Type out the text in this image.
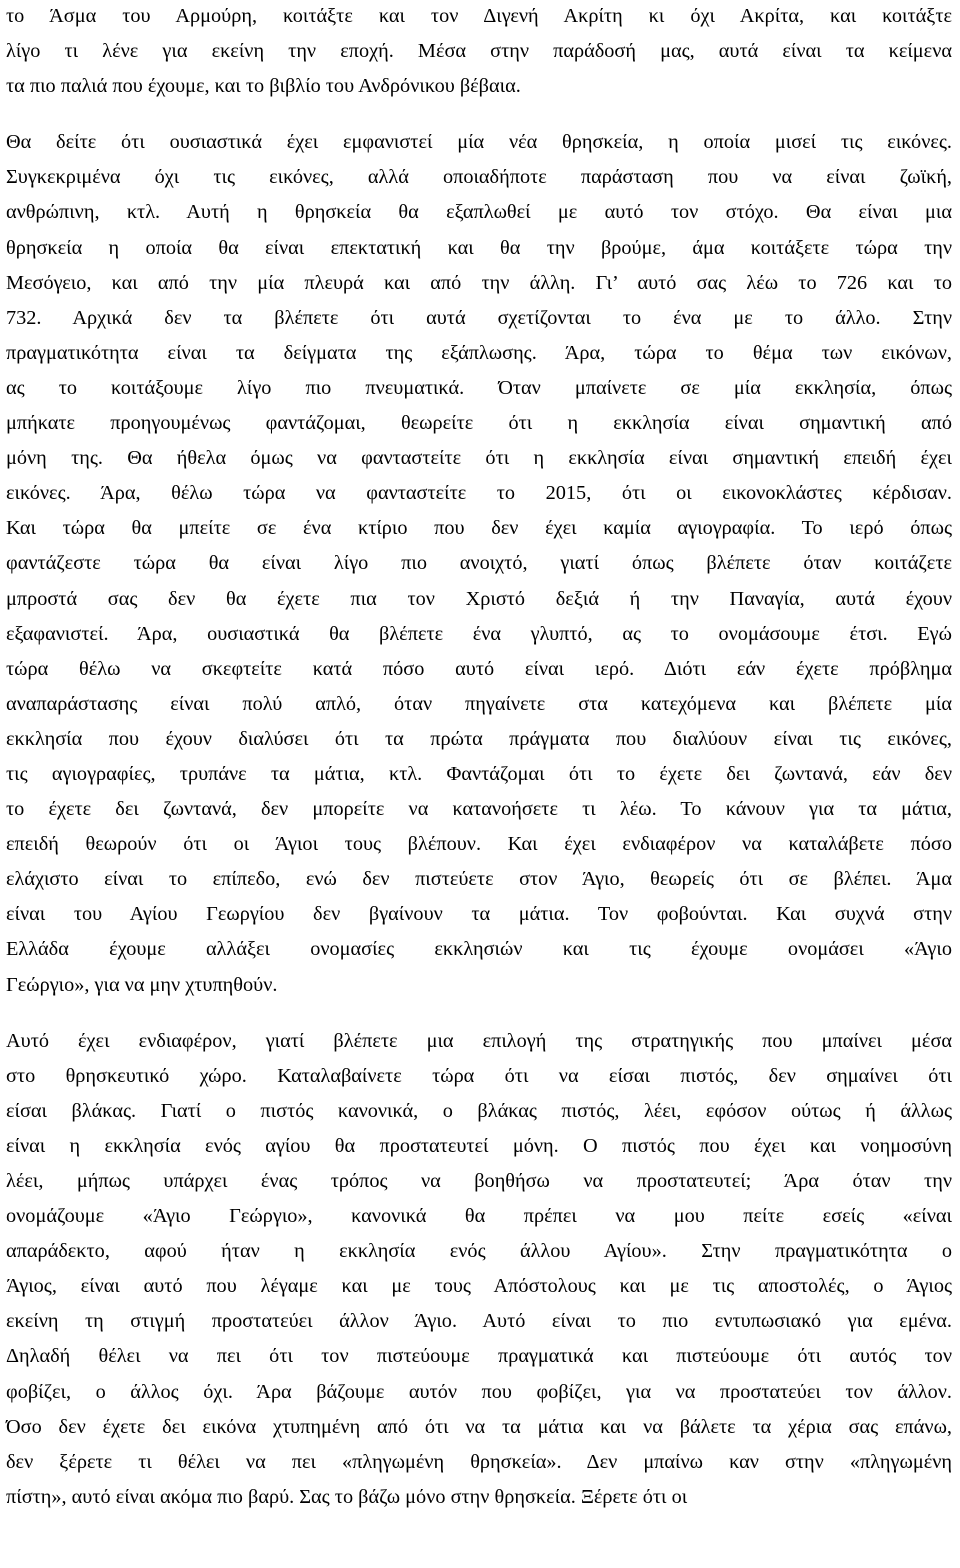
το Άσμα του Αρμούρη, κοιτάξτε και τον Διγενή Ακρίτη κι όχι Ακρίτα, και κοιτάξτε
λίγο τι λένε για εκείνη την εποχή. Μέσα στην παράδοσή μας, αυτά είναι τα κείμενα
τα πιο παλιά που έχουμε, και το βιβλίο του Ανδρόνικου βέβαια.
Θα δείτε ότι ουσιαστικά έχει εμφανιστεί μία νέα θρησκεία, η οποία μισεί τις εικόνες.
Συγκεκριμένα όχι τις εικόνες, αλλά οποιαδήποτε παράσταση που να είναι ζωϊκή,
ανθρώπινη, κτλ. Αυτή η θρησκεία θα εξαπλωθεί με αυτό τον στόχο. Θα είναι μια
θρησκεία η οποία θα είναι επεκτατική και θα την βρούμε, άμα κοιτάξετε τώρα την
Μεσόγειο, και από την μία πλευρά και από την άλλη. Γι’ αυτό σας λέω το 726 και το
732. Αρχικά δεν τα βλέπετε ότι αυτά σχετίζονται το ένα με το άλλο. Στην
πραγματικότητα είναι τα δείγματα της εξάπλωσης. Άρα, τώρα το θέμα των εικόνων,
ας το κοιτάξουμε λίγο πιο πνευματικά. Όταν μπαίνετε σε μία εκκλησία, όπως
μπήκατε προηγουμένως φαντάζομαι, θεωρείτε ότι η εκκλησία είναι σημαντική από
μόνη της. Θα ήθελα όμως να φανταστείτε ότι η εκκλησία είναι σημαντική επειδή έχει
εικόνες. Άρα, θέλω τώρα να φανταστείτε το 2015, ότι οι εικονοκλάστες κέρδισαν.
Και τώρα θα μπείτε σε ένα κτίριο που δεν έχει καμία αγιογραφία. Το ιερό όπως
φαντάζεστε τώρα θα είναι λίγο πιο ανοιχτό, γιατί όπως βλέπετε όταν κοιτάζετε
μπροστά σας δεν θα έχετε πια τον Χριστό δεξιά ή την Παναγία, αυτά έχουν
εξαφανιστεί. Άρα, ουσιαστικά θα βλέπετε ένα γλυπτό, ας το ονομάσουμε έτσι. Εγώ
τώρα θέλω να σκεφτείτε κατά πόσο αυτό είναι ιερό. Διότι εάν έχετε πρόβλημα
αναπαράστασης είναι πολύ απλό, όταν πηγαίνετε στα κατεχόμενα και βλέπετε μία
εκκλησία που έχουν διαλύσει ότι τα πρώτα πράγματα που διαλύουν είναι τις εικόνες,
τις αγιογραφίες, τρυπάνε τα μάτια, κτλ. Φαντάζομαι ότι το έχετε δει ζωντανά, εάν δεν
το έχετε δει ζωντανά, δεν μπορείτε να κατανοήσετε τι λέω. Το κάνουν για τα μάτια,
επειδή θεωρούν ότι οι Άγιοι τους βλέπουν. Και έχει ενδιαφέρον να καταλάβετε πόσο
ελάχιστο είναι το επίπεδο, ενώ δεν πιστεύετε στον Άγιο, θεωρείς ότι σε βλέπει. Άμα
είναι του Αγίου Γεωργίου δεν βγαίνουν τα μάτια. Τον φοβούνται. Και συχνά στην
Ελλάδα έχουμε αλλάξει ονομασίες εκκλησιών και τις έχουμε ονομάσει «Άγιο
Γεώργιο», για να μην χτυπηθούν.
Αυτό έχει ενδιαφέρον, γιατί βλέπετε μια επιλογή της στρατηγικής που μπαίνει μέσα
στο θρησκευτικό χώρο. Καταλαβαίνετε τώρα ότι να είσαι πιστός, δεν σημαίνει ότι
είσαι βλάκας. Γιατί ο πιστός κανονικά, ο βλάκας πιστός, λέει, εφόσον ούτως ή άλλως
είναι η εκκλησία ενός αγίου θα προστατευτεί μόνη. Ο πιστός που έχει και νοημοσύνη
λέει, μήπως υπάρχει ένας τρόπος να βοηθήσω να προστατευτεί; Άρα όταν την
ονομάζουμε «Άγιο Γεώργιο», κανονικά θα πρέπει να μου πείτε εσείς «είναι
απαράδεκτο, αφού ήταν η εκκλησία ενός άλλου Αγίου». Στην πραγματικότητα ο
Άγιος, είναι αυτό που λέγαμε και με τους Απόστολους και με τις αποστολές, ο Άγιος
εκείνη τη στιγμή προστατεύει άλλον Άγιο. Αυτό είναι το πιο εντυπωσιακό για εμένα.
Δηλαδή θέλει να πει ότι τον πιστεύουμε πραγματικά και πιστεύουμε ότι αυτός τον
φοβίζει, ο άλλος όχι. Άρα βάζουμε αυτόν που φοβίζει, για να προστατεύει τον άλλον.
Όσο δεν έχετε δει εικόνα χτυπημένη από ότι να τα μάτια και να βάλετε τα χέρια σας επάνω,
δεν ξέρετε τι θέλει να πει «πληγωμένη θρησκεία». Δεν μπαίνω καν στην «πληγωμένη
πίστη», αυτό είναι ακόμα πιο βαρύ. Σας το βάζω μόνο στην θρησκεία. Ξέρετε ότι οι
